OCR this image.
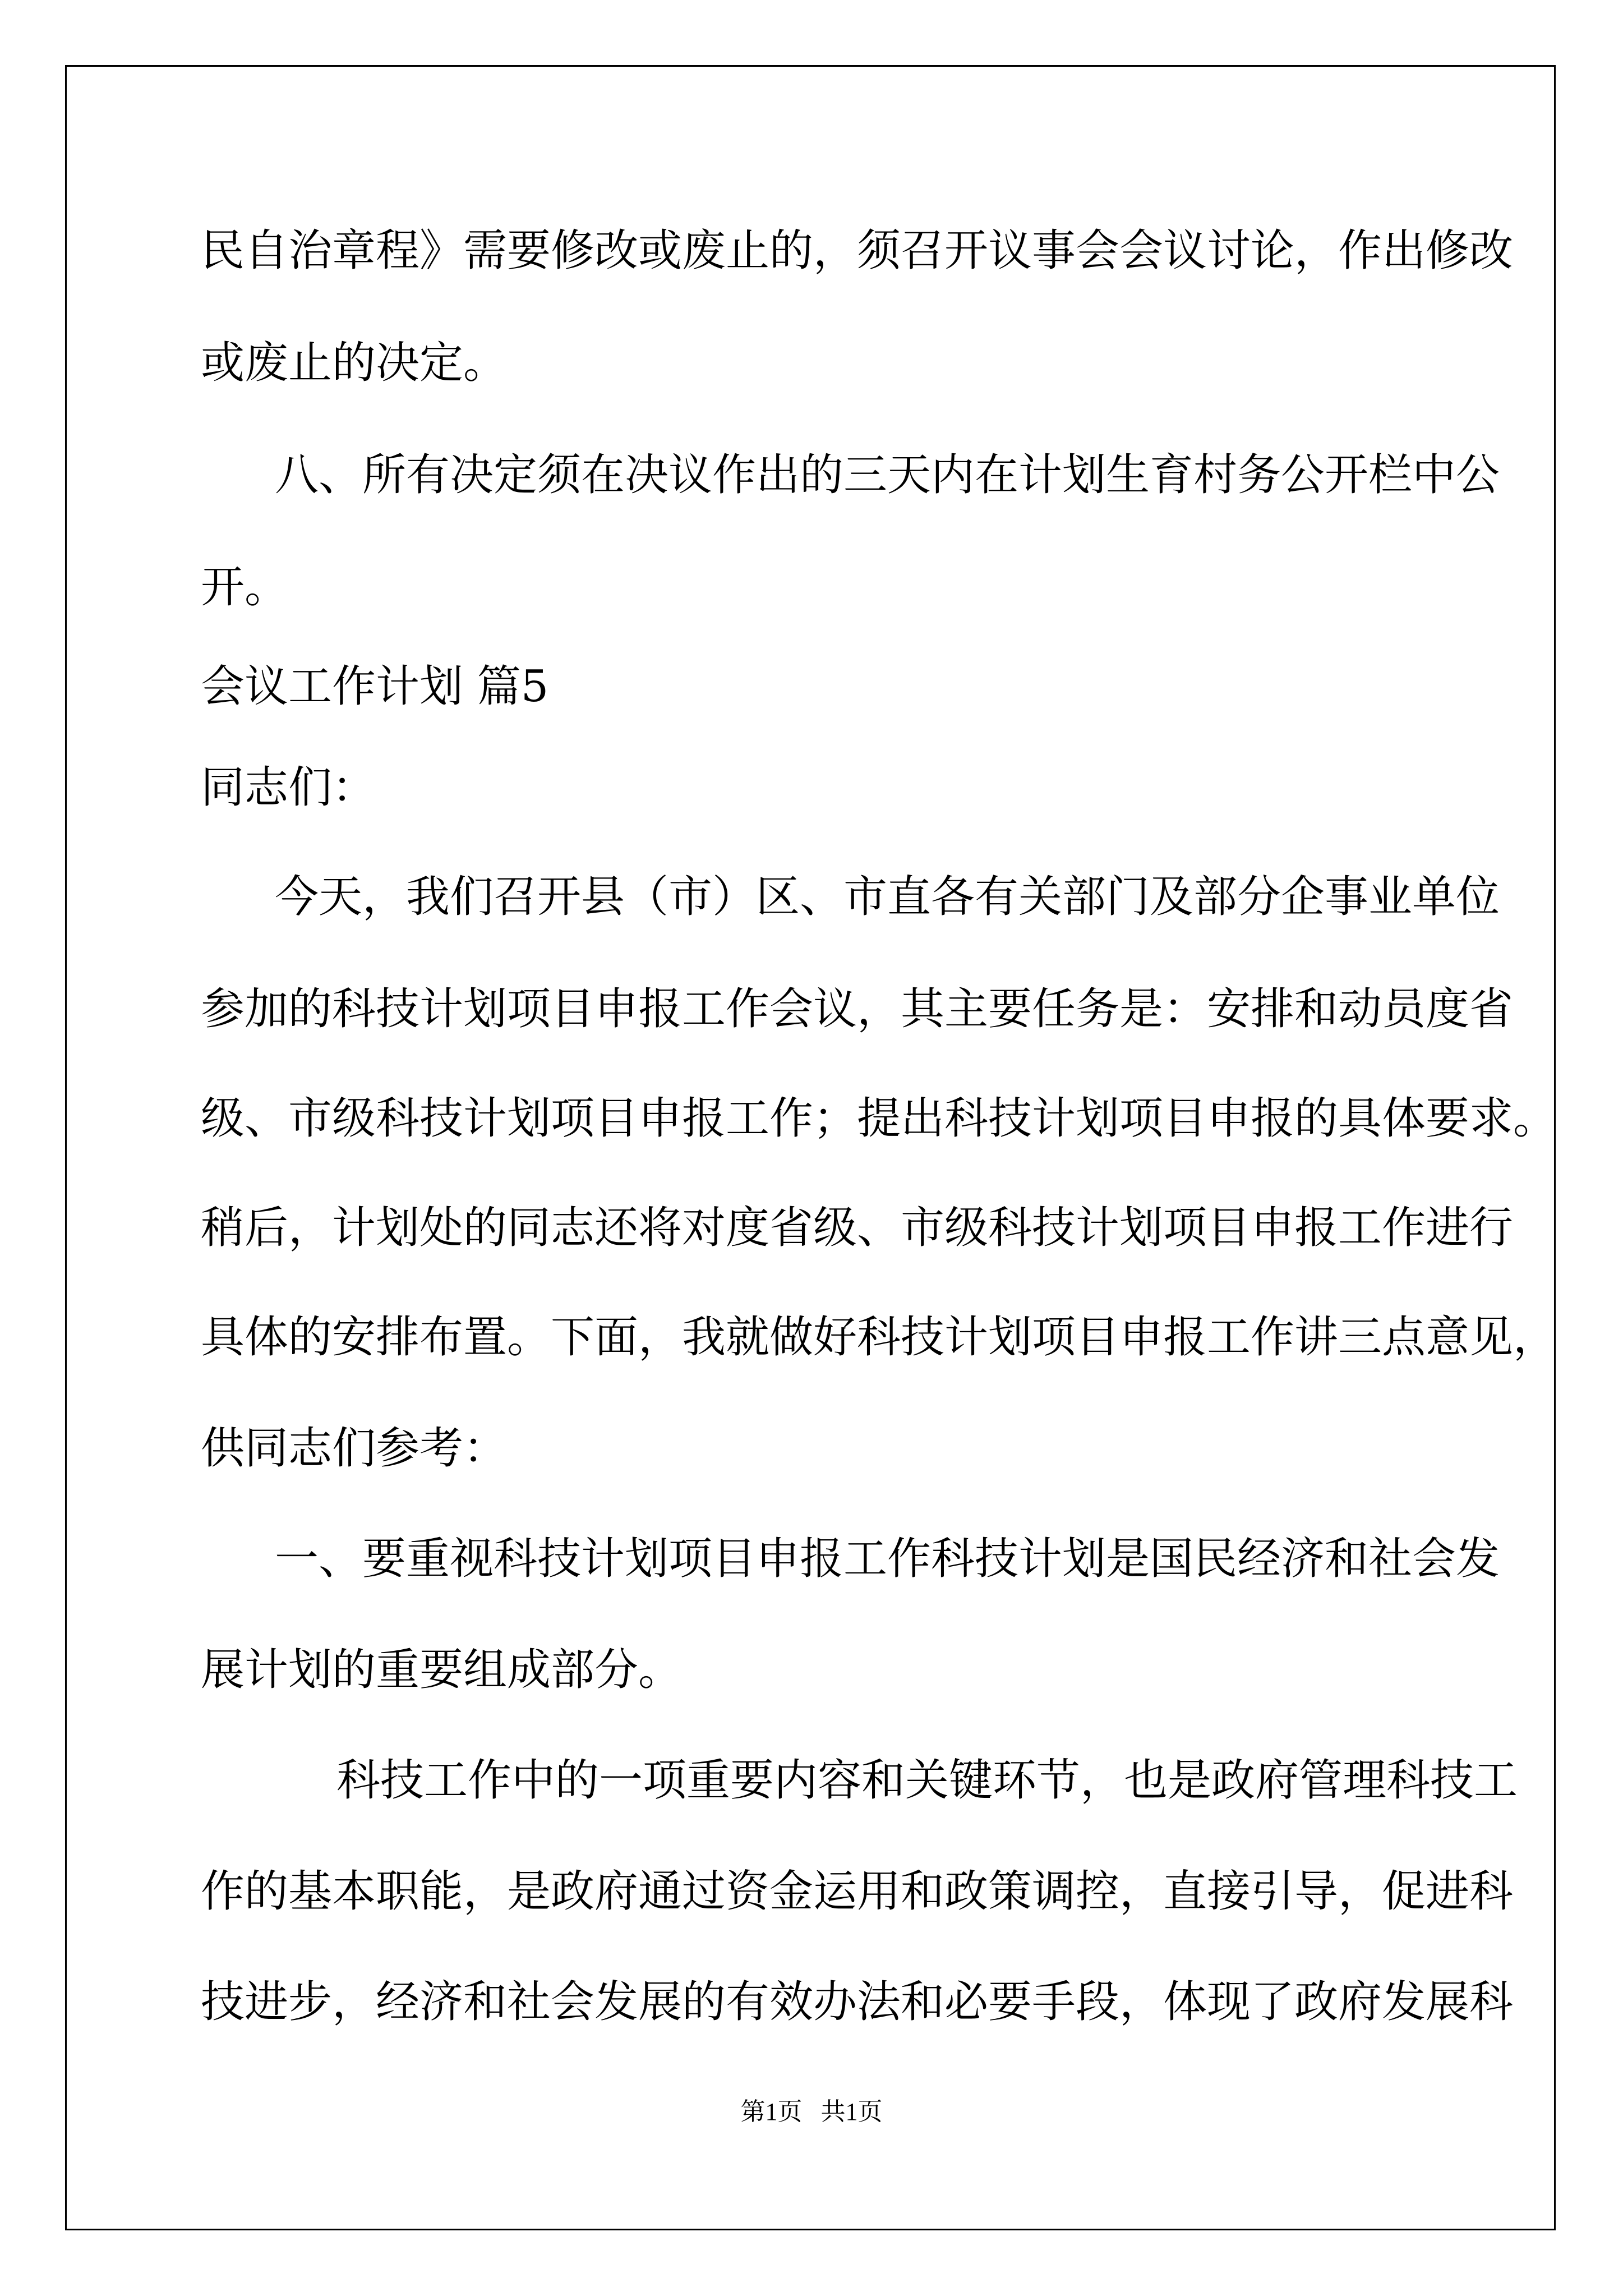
民自治章程》需要修改或废止的，须召开议事会会议讨论，作出修改

或废止的决定。

八、所有决定须在决议作出的三天内在计划生育村务公开栏中公

开。

会议工作计划 篇5

同志们：

今天，我们召开县（市）区、市直各有关部门及部分企事业单位

参加的科技计划项目申报工作会议，其主要任务是：安排和动员度省

级、市级科技计划项目申报工作；提出科技计划项目申报的具体要求。

稍后，计划处的同志还将对度省级、市级科技计划项目申报工作进行

具体的安排布置。下面，我就做好科技计划项目申报工作讲三点意见，

供同志们参考：

一、要重视科技计划项目申报工作科技计划是国民经济和社会发

展计划的重要组成部分。

科技工作中的一项重要内容和关键环节，也是政府管理科技工

作的基本职能，是政府通过资金运用和政策调控，直接引导，促进科

技进步，经济和社会发展的有效办法和必要手段，体现了政府发展科

第1页   共1页
